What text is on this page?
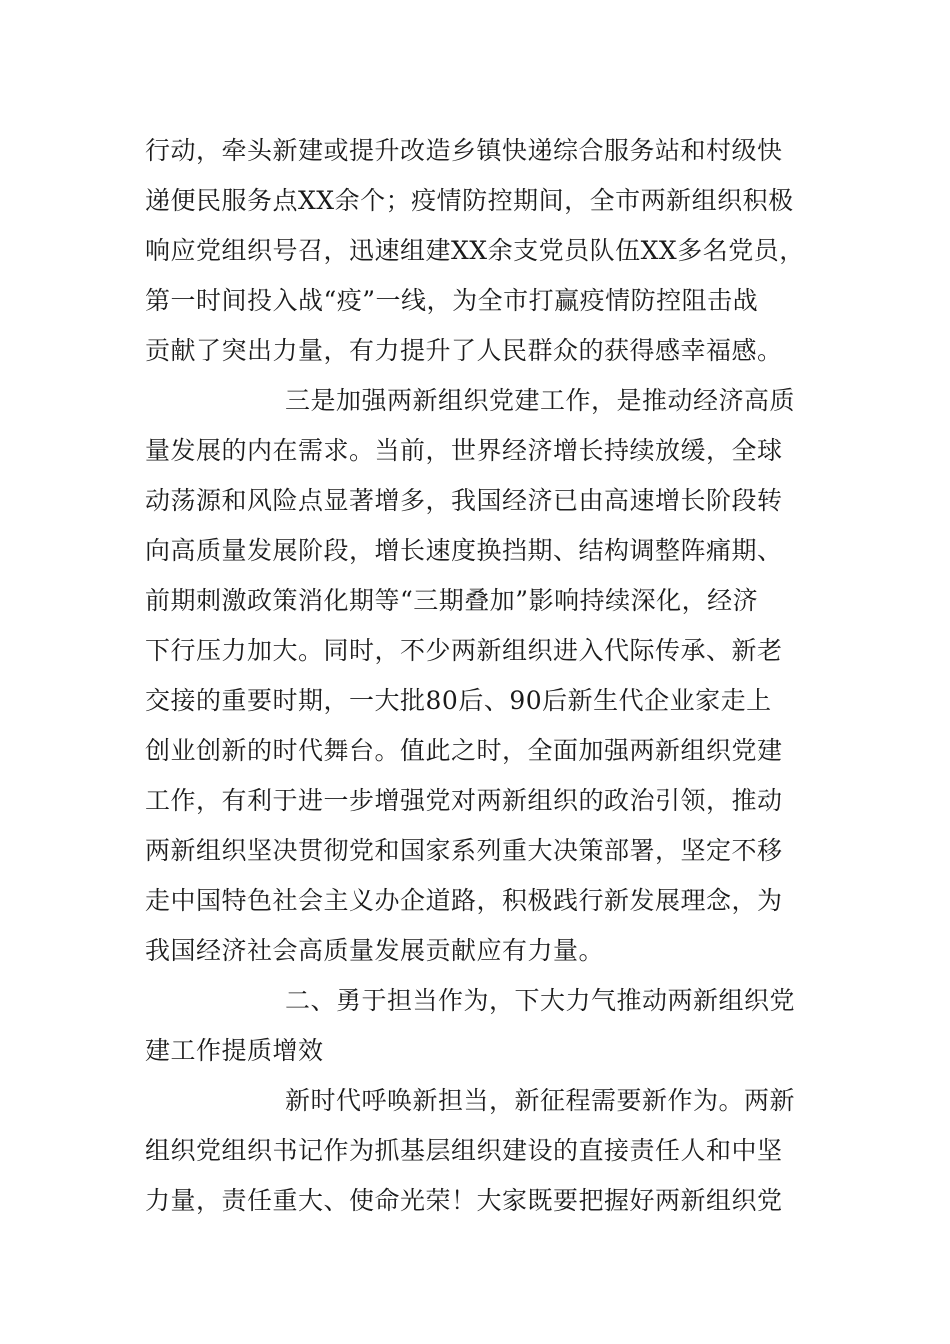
行动，牵头新建或提升改造乡镇快递综合服务站和村级快
递便民服务点XX余个；疫情防控期间，全市两新组织积极
响应党组织号召，迅速组建XX余支党员队伍XX多名党员，
第一时间投入战“疫”一线，为全市打赢疫情防控阻击战
贡献了突出力量，有力提升了人民群众的获得感幸福感。
三是加强两新组织党建工作，是推动经济高质
量发展的内在需求。当前，世界经济增长持续放缓，全球
动荡源和风险点显著增多，我国经济已由高速增长阶段转
向高质量发展阶段，增长速度换挡期、结构调整阵痛期、
前期刺激政策消化期等“三期叠加”影响持续深化，经济
下行压力加大。同时，不少两新组织进入代际传承、新老
交接的重要时期，一大批80后、90后新生代企业家走上
创业创新的时代舞台。值此之时，全面加强两新组织党建
工作，有利于进一步增强党对两新组织的政治引领，推动
两新组织坚决贯彻党和国家系列重大决策部署，坚定不移
走中国特色社会主义办企道路，积极践行新发展理念，为
我国经济社会高质量发展贡献应有力量。
二、勇于担当作为，下大力气推动两新组织党
建工作提质增效
新时代呼唤新担当，新征程需要新作为。两新
组织党组织书记作为抓基层组织建设的直接责任人和中坚
力量，责任重大、使命光荣！大家既要把握好两新组织党
